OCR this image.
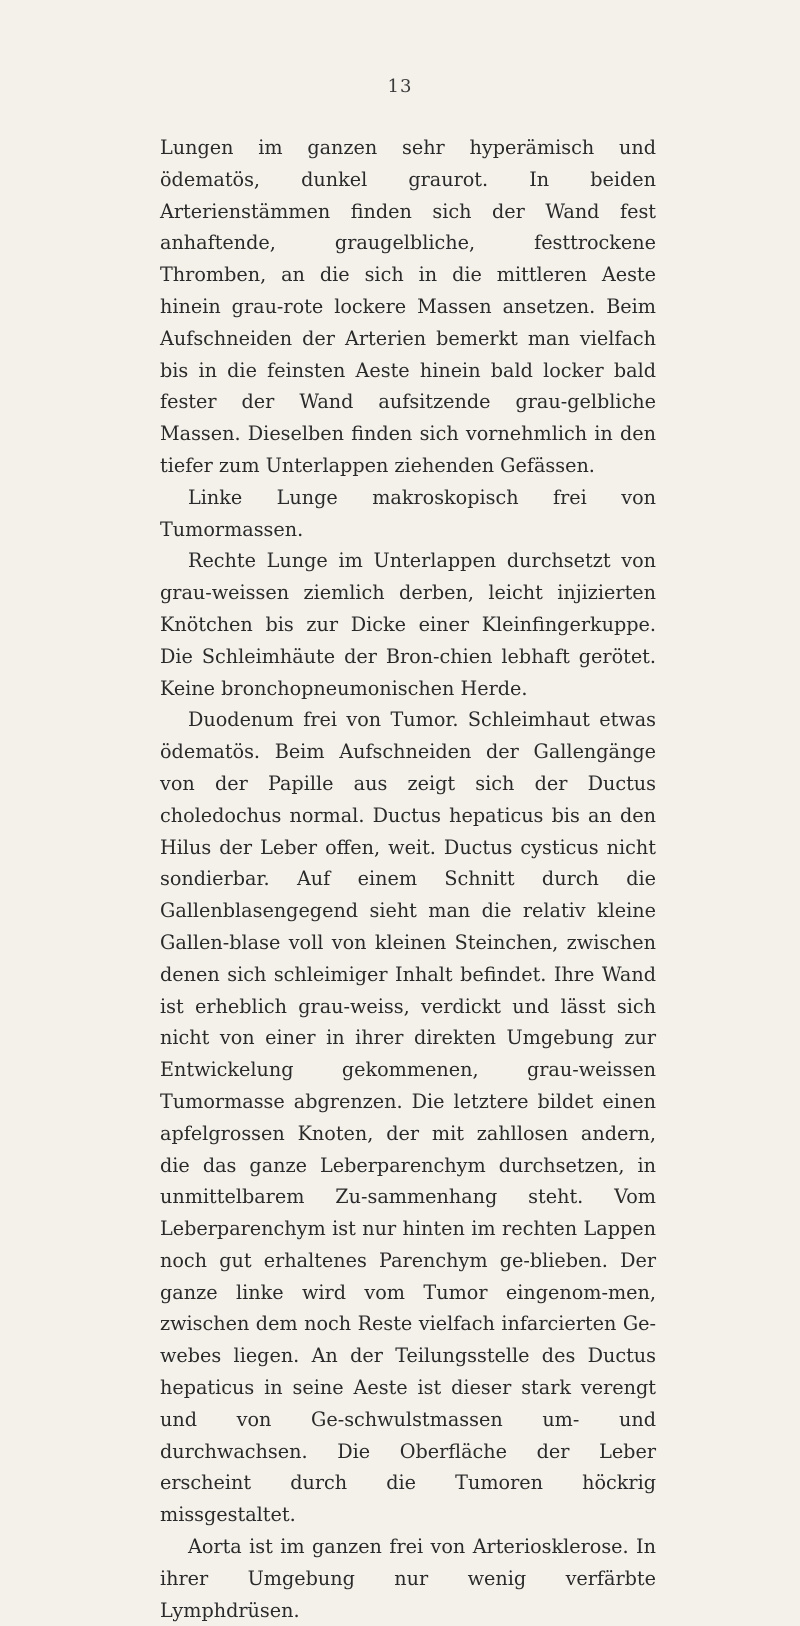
13

Lungen im ganzen sehr hyperämisch und ödematös, dunkel graurot. In beiden Arterienstämmen finden sich der Wand fest anhaftende, graugelbliche, festtrockene Thromben, an die sich in die mittleren Aeste hinein grau-rote lockere Massen ansetzen. Beim Aufschneiden der Arterien bemerkt man vielfach bis in die feinsten Aeste hinein bald locker bald fester der Wand aufsitzende grau-gelbliche Massen. Dieselben finden sich vornehmlich in den tiefer zum Unterlappen ziehenden Gefässen.

Linke Lunge makroskopisch frei von Tumormassen.

Rechte Lunge im Unterlappen durchsetzt von grau-weissen ziemlich derben, leicht injizierten Knötchen bis zur Dicke einer Kleinfingerkuppe. Die Schleimhäute der Bron-chien lebhaft gerötet. Keine bronchopneumonischen Herde.

Duodenum frei von Tumor. Schleimhaut etwas ödematös. Beim Aufschneiden der Gallengänge von der Papille aus zeigt sich der Ductus choledochus normal. Ductus hepaticus bis an den Hilus der Leber offen, weit. Ductus cysticus nicht sondierbar. Auf einem Schnitt durch die Gallenblasengegend sieht man die relativ kleine Gallen-blase voll von kleinen Steinchen, zwischen denen sich schleimiger Inhalt befindet. Ihre Wand ist erheblich grau-weiss, verdickt und lässt sich nicht von einer in ihrer direkten Umgebung zur Entwickelung gekommenen, grau-weissen Tumormasse abgrenzen. Die letztere bildet einen apfelgrossen Knoten, der mit zahllosen andern, die das ganze Leberparenchym durchsetzen, in unmittelbarem Zu-sammenhang steht. Vom Leberparenchym ist nur hinten im rechten Lappen noch gut erhaltenes Parenchym ge-blieben. Der ganze linke wird vom Tumor eingenom-men, zwischen dem noch Reste vielfach infarcierten Ge-webes liegen. An der Teilungsstelle des Ductus hepaticus in seine Aeste ist dieser stark verengt und von Ge-schwulstmassen um- und durchwachsen. Die Oberfläche der Leber erscheint durch die Tumoren höckrig missgestaltet.

Aorta ist im ganzen frei von Arteriosklerose. In ihrer Umgebung nur wenig verfärbte Lymphdrüsen.
